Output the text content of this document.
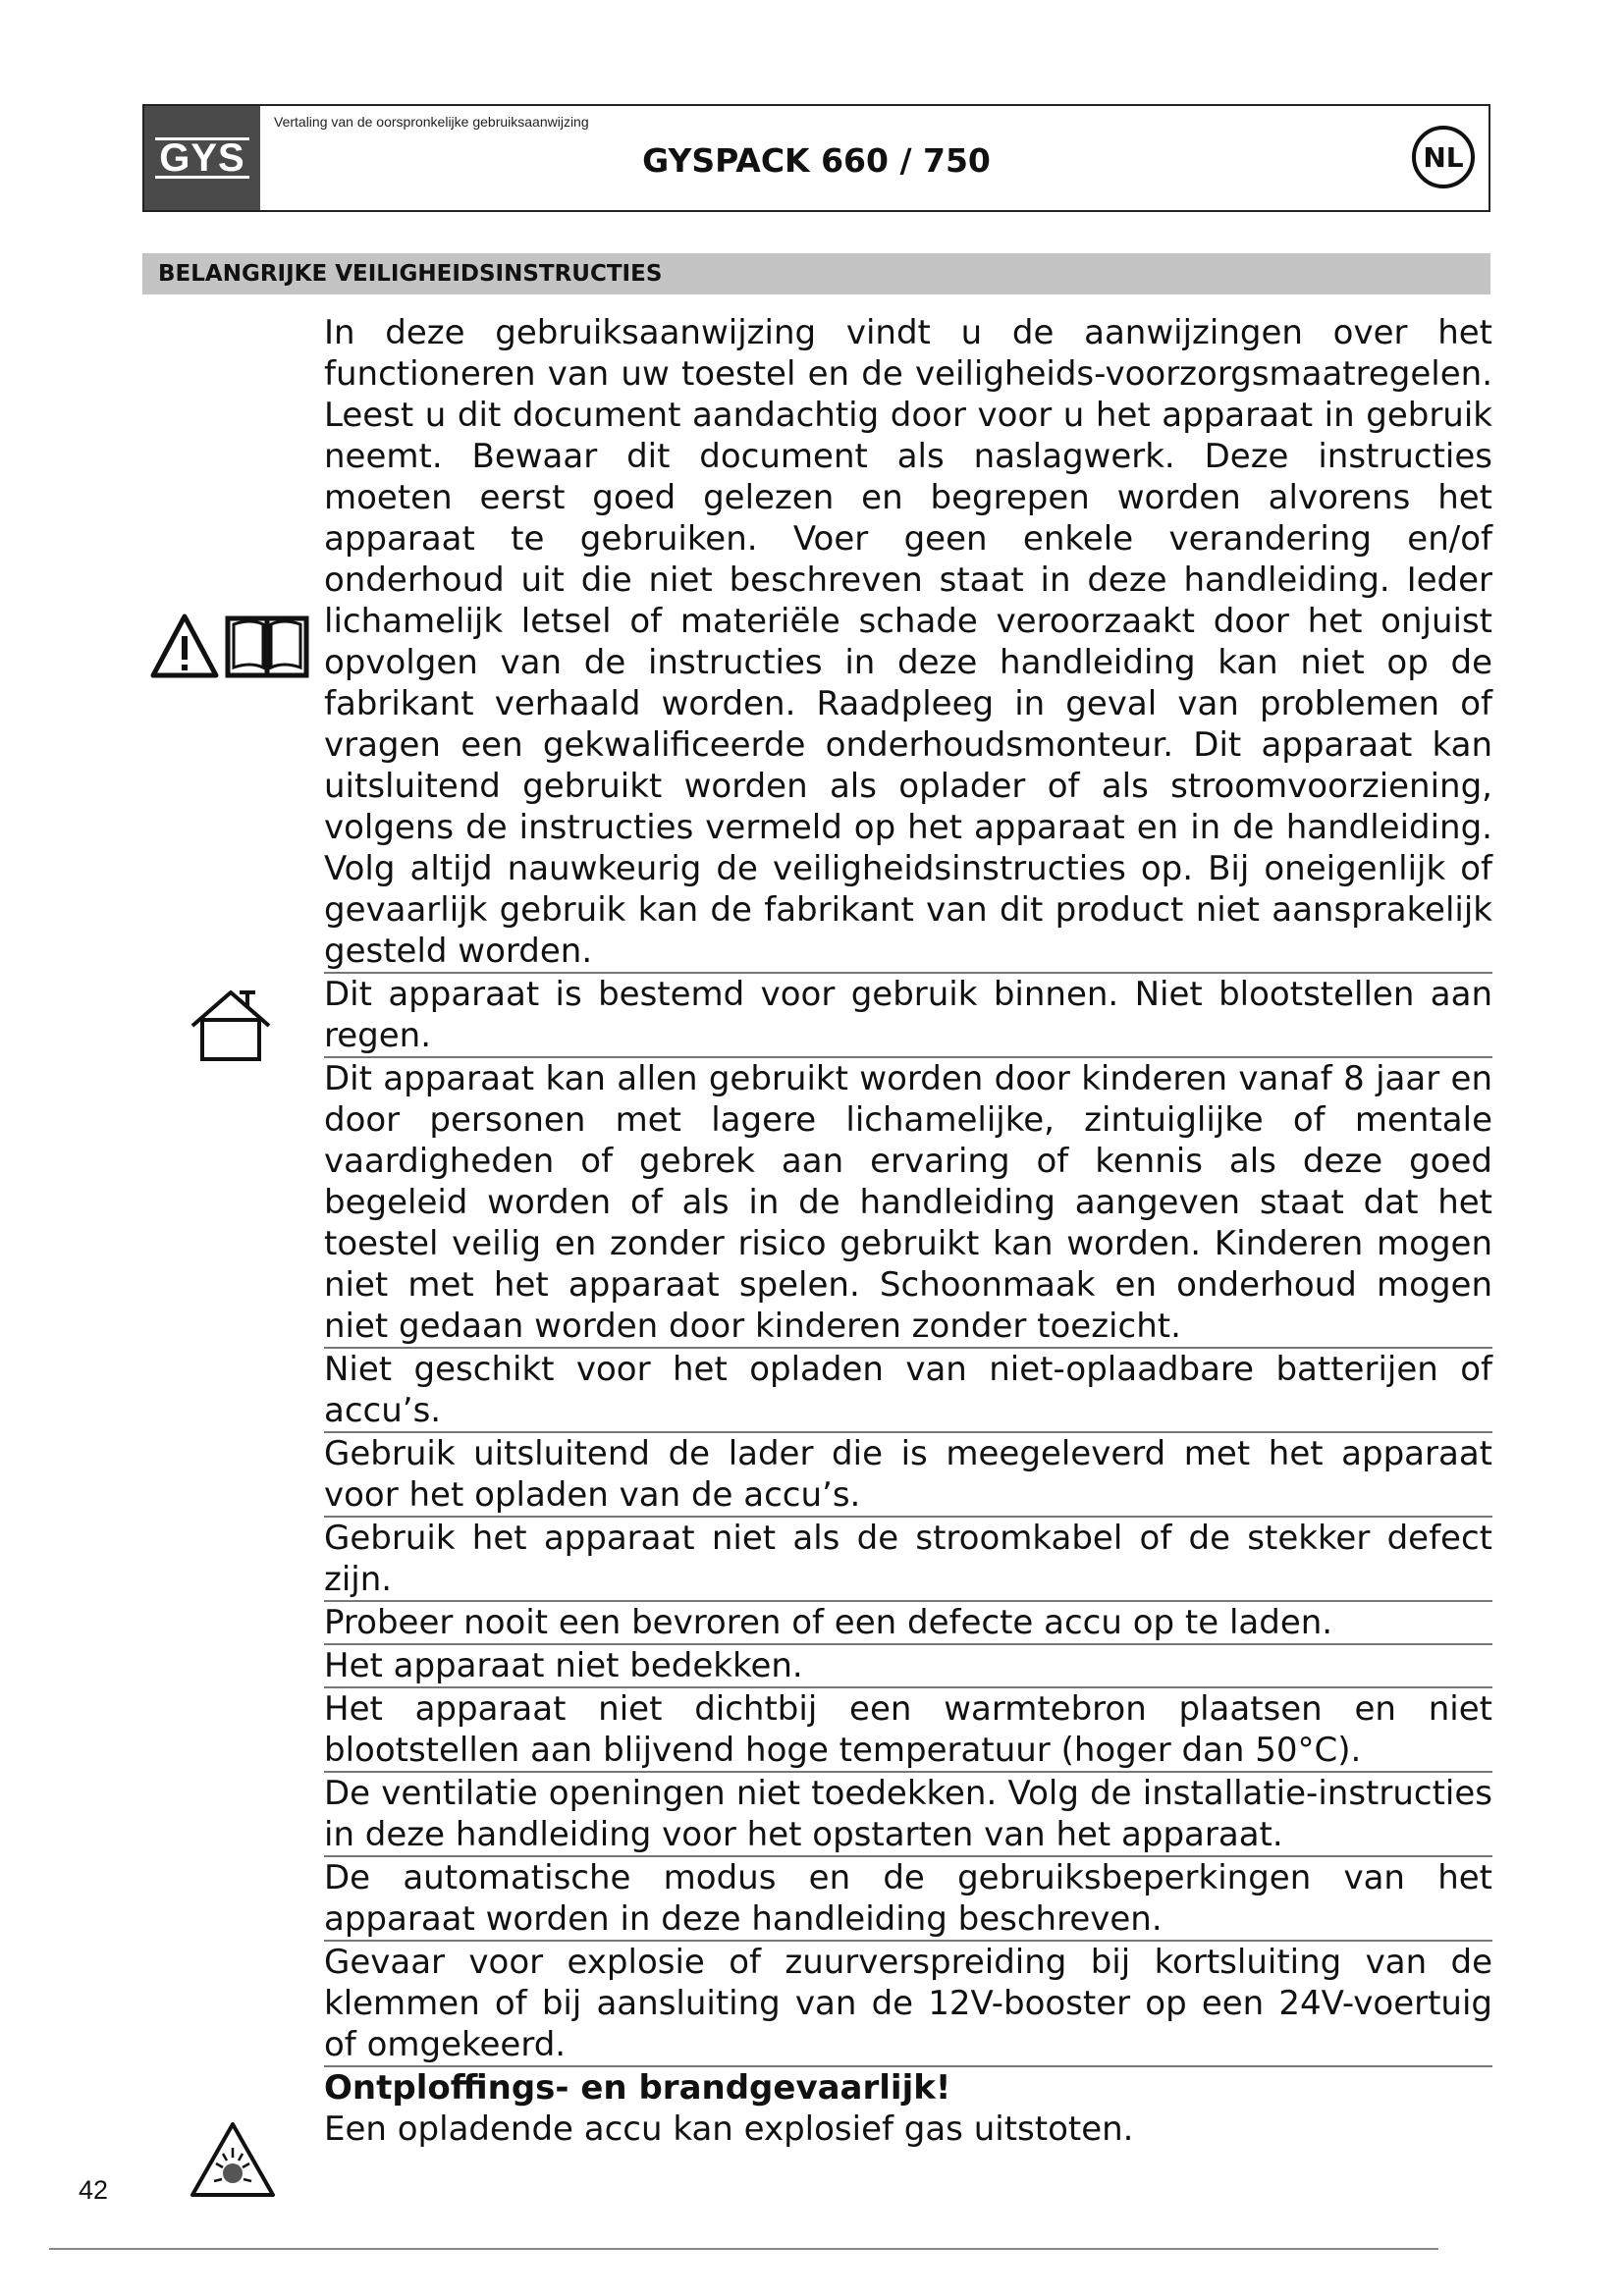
GYS
Vertaling van de oorspronkelijke gebruiksaanwijzing
GYSPACK 660 / 750	NL
BELANGRIJKE VEILIGHEIDSINSTRUCTIES
In deze gebruiksaanwijzing vindt u de aanwijzingen over het functioneren van uw toestel en de veiligheids-voorzorgsmaatregelen. Leest u dit document aandachtig door voor u het apparaat in gebruik neemt. Bewaar dit document als naslagwerk. Deze instructies moeten eerst goed gelezen en begrepen worden alvorens het apparaat te gebruiken. Voer geen enkele verandering en/of onderhoud uit die niet beschreven staat in deze handleiding. Ieder lichamelijk letsel of materiële schade veroorzaakt door het onjuist opvolgen van de instructies in deze handleiding kan niet op de fabrikant verhaald worden. Raadpleeg in geval van problemen of vragen een gekwalificeerde onderhoudsmonteur. Dit apparaat kan uitsluitend gebruikt worden als oplader of als stroomvoorziening, volgens de instructies vermeld op het apparaat en in de handleiding. Volg altijd nauwkeurig de veiligheidsinstructies op. Bij oneigenlijk of gevaarlijk gebruik kan de fabrikant van dit product niet aansprakelijk gesteld worden.
Dit apparaat is bestemd voor gebruik binnen. Niet blootstellen aan regen.
Dit apparaat kan allen gebruikt worden door kinderen vanaf 8 jaar en door personen met lagere lichamelijke, zintuiglijke of mentale vaardigheden of gebrek aan ervaring of kennis als deze goed begeleid worden of als in de handleiding aangeven staat dat het toestel veilig en zonder risico gebruikt kan worden. Kinderen mogen niet met het apparaat spelen. Schoonmaak en onderhoud mogen niet gedaan worden door kinderen zonder toezicht.
Niet geschikt voor het opladen van niet-oplaadbare batterijen of accu’s.
Gebruik uitsluitend de lader die is meegeleverd met het apparaat voor het opladen van de accu’s.
Gebruik het apparaat niet als de stroomkabel of de stekker defect zijn.
Probeer nooit een bevroren of een defecte accu op te laden.
Het apparaat niet bedekken.
Het apparaat niet dichtbij een warmtebron plaatsen en niet blootstellen aan blijvend hoge temperatuur (hoger dan 50°C).
De ventilatie openingen niet toedekken. Volg de installatie-instructies in deze handleiding voor het opstarten van het apparaat.
De automatische modus en de gebruiksbeperkingen van het apparaat worden in deze handleiding beschreven.
Gevaar voor explosie of zuurverspreiding bij kortsluiting van de klemmen of bij aansluiting van de 12V-booster op een 24V-voertuig of omgekeerd.
Ontploffings- en brandgevaarlijk!
Een opladende accu kan explosief gas uitstoten.
42
